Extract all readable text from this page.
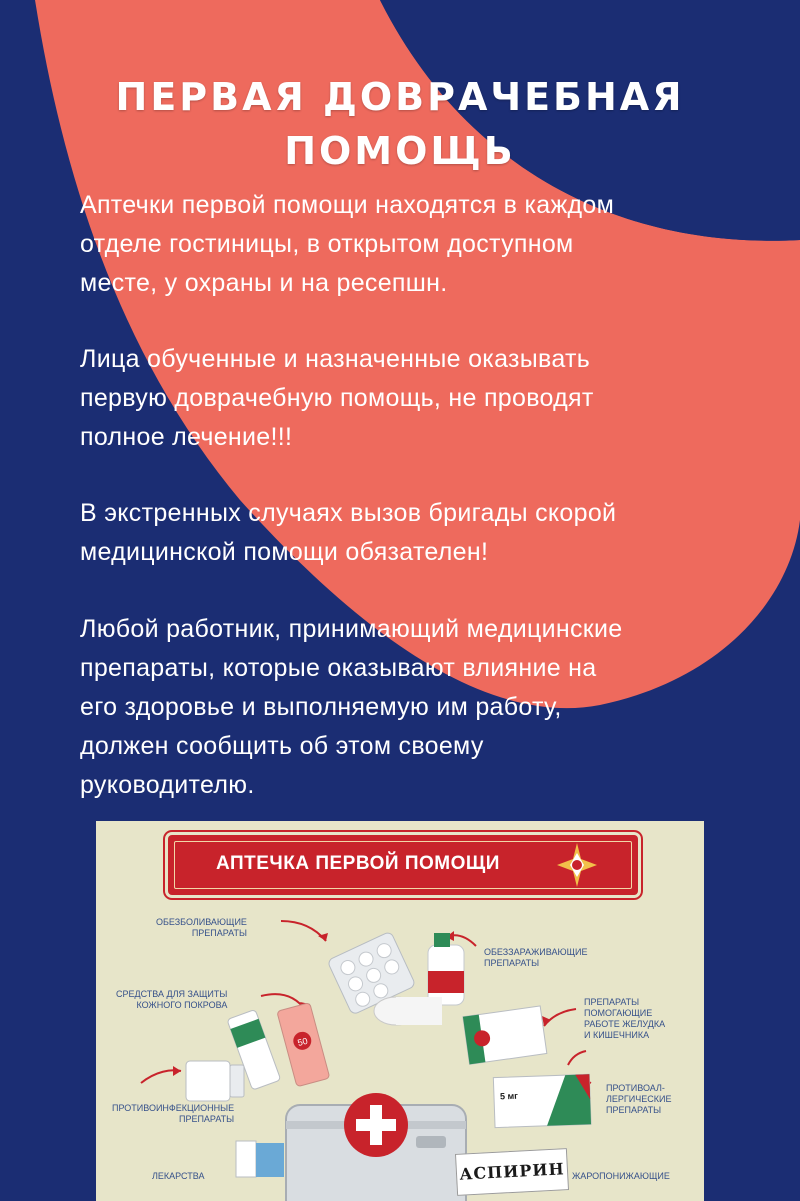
ПЕРВАЯ ДОВРАЧЕБНАЯ
ПОМОЩЬ
Аптечки первой помощи находятся в каждом
отделе гостиницы, в открытом доступном
месте, у охраны и на ресепшн.
Лица обученные и назначенные оказывать
первую доврачебную помощь, не проводят
полное лечение!!!
В экстренных случаях вызов бригады скорой
медицинской помощи обязателен!
Любой работник, принимающий медицинские
препараты, которые оказывают влияние на
его здоровье и выполняемую им работу,
должен сообщить об этом своему
руководителю.
АПТЕЧКА ПЕРВОЙ ПОМОЩИ
50
5 мг
ОБЕЗБОЛИВАЮЩИЕ
ПРЕПАРАТЫ
ОБЕЗЗАРАЖИВАЮЩИЕ
ПРЕПАРАТЫ
СРЕДСТВА ДЛЯ ЗАЩИТЫ
КОЖНОГО ПОКРОВА	ПРЕПАРАТЫ
ПОМОГАЮЩИЕ
РАБОТЕ ЖЕЛУДКА
И КИШЕЧНИКА
ПРОТИВОИНФЕКЦИОННЫЕ
ПРЕПАРАТЫ
ПРОТИВОАЛ-
ЛЕРГИЧЕСКИЕ
ПРЕПАРАТЫ
ЛЕКАРСТВА	ЖАРОПОНИЖАЮЩИЕ
АСПИРИН
